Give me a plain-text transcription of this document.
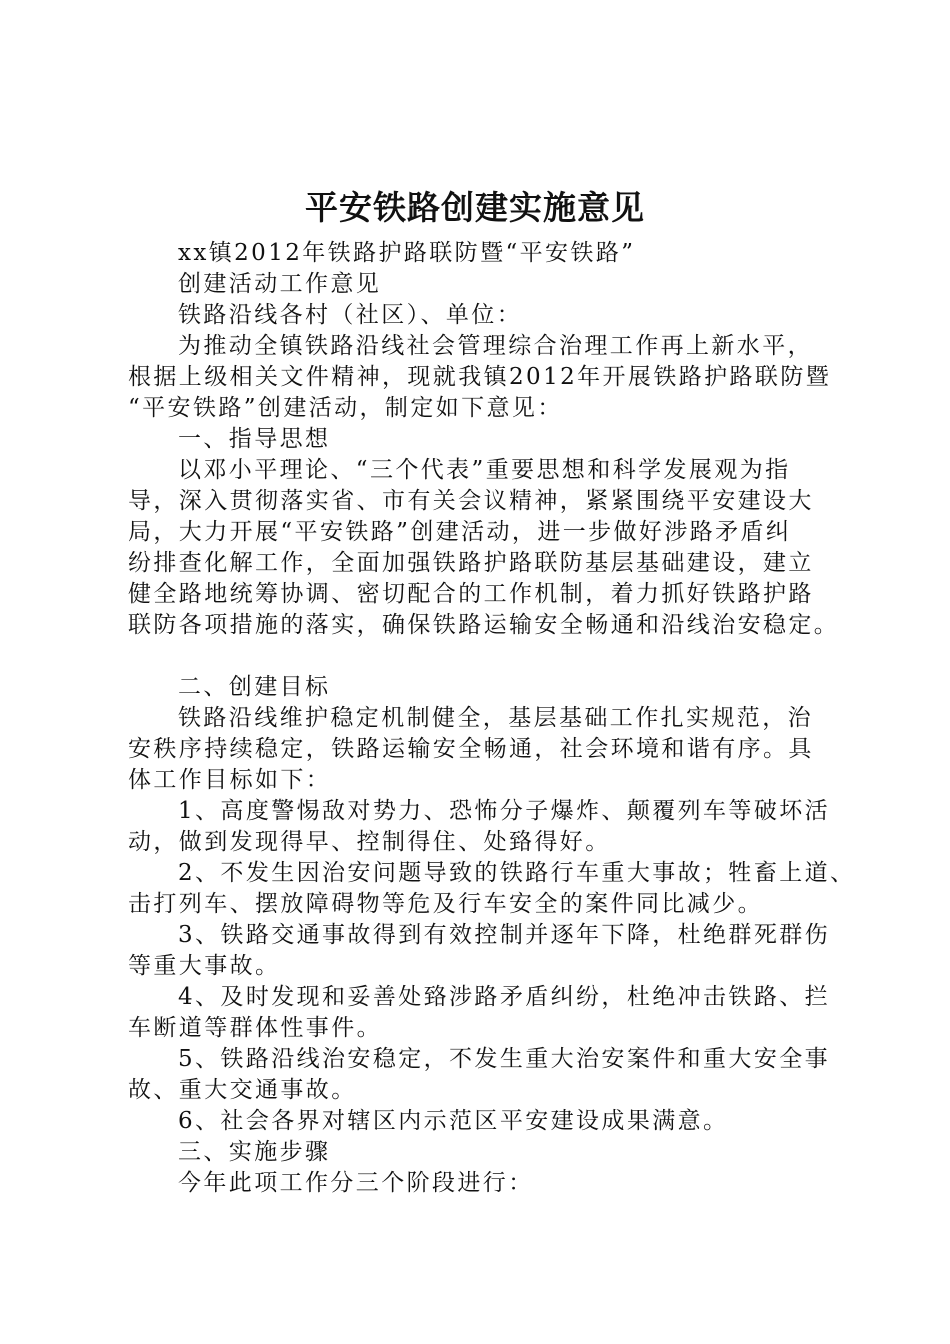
平安铁路创建实施意见

xx镇2012年铁路护路联防暨“平安铁路”

创建活动工作意见

铁路沿线各村（社区）、单位：

为推动全镇铁路沿线社会管理综合治理工作再上新水平，

根据上级相关文件精神，现就我镇2012年开展铁路护路联防暨

“平安铁路”创建活动，制定如下意见：

一、指导思想

以邓小平理论、“三个代表”重要思想和科学发展观为指

导，深入贯彻落实省、市有关会议精神，紧紧围绕平安建设大

局，大力开展“平安铁路”创建活动，进一步做好涉路矛盾纠

纷排查化解工作，全面加强铁路护路联防基层基础建设，建立

健全路地统筹协调、密切配合的工作机制，着力抓好铁路护路

联防各项措施的落实，确保铁路运输安全畅通和沿线治安稳定。

二、创建目标

铁路沿线维护稳定机制健全，基层基础工作扎实规范，治

安秩序持续稳定，铁路运输安全畅通，社会环境和谐有序。具

体工作目标如下：

1、高度警惕敌对势力、恐怖分子爆炸、颠覆列车等破坏活

动，做到发现得早、控制得住、处臵得好。

2、不发生因治安问题导致的铁路行车重大事故；牲畜上道、

击打列车、摆放障碍物等危及行车安全的案件同比减少。

3、铁路交通事故得到有效控制并逐年下降，杜绝群死群伤

等重大事故。

4、及时发现和妥善处臵涉路矛盾纠纷，杜绝冲击铁路、拦

车断道等群体性事件。

5、铁路沿线治安稳定，不发生重大治安案件和重大安全事

故、重大交通事故。

6、社会各界对辖区内示范区平安建设成果满意。

三、实施步骤

今年此项工作分三个阶段进行：
